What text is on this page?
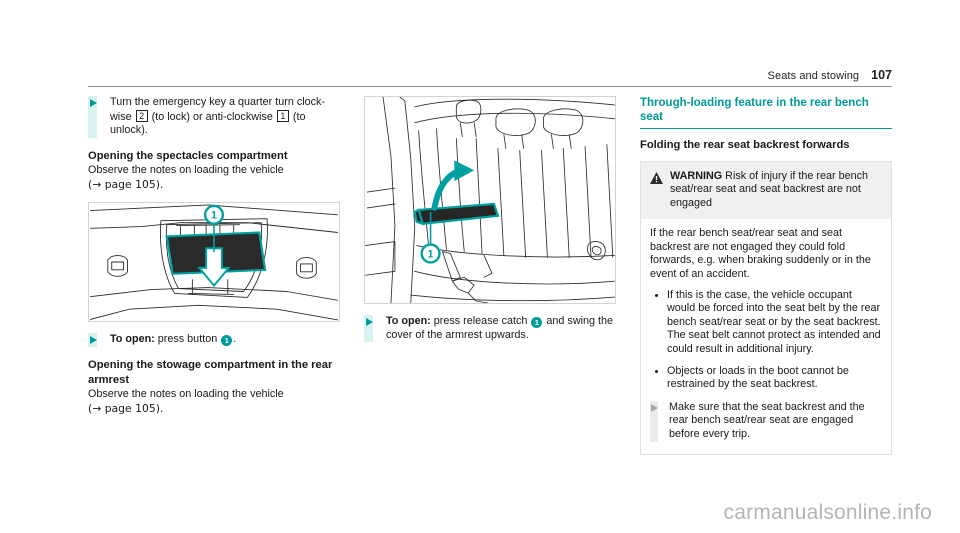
Seats and stowing 107
Turn the emergency key a quarter turn clock-wise 2 (to lock) or anti-clockwise 1 (to unlock).
Opening the spectacles compartment
Observe the notes on loading the vehicle
(→ page 105).
1
To open: press button 1 .
Opening the stowage compartment in the rear armrest
Observe the notes on loading the vehicle
(→ page 105).
1
To open: press release catch 1 and swing the cover of the armrest upwards.
Through-loading feature in the rear bench seat
Folding the rear seat backrest forwards
WARNING Risk of injury if the rear bench seat/rear seat and seat backrest are not engaged
If the rear bench seat/rear seat and seat backrest are not engaged they could fold forwards, e.g. when braking suddenly or in the event of an accident.
If this is the case, the vehicle occupant would be forced into the seat belt by the rear bench seat/rear seat or by the seat backrest. The seat belt cannot protect as intended and could result in additional injury.
Objects or loads in the boot cannot be restrained by the seat backrest.
Make sure that the seat backrest and the rear bench seat/rear seat are engaged before every trip.
carmanualsonline.info
